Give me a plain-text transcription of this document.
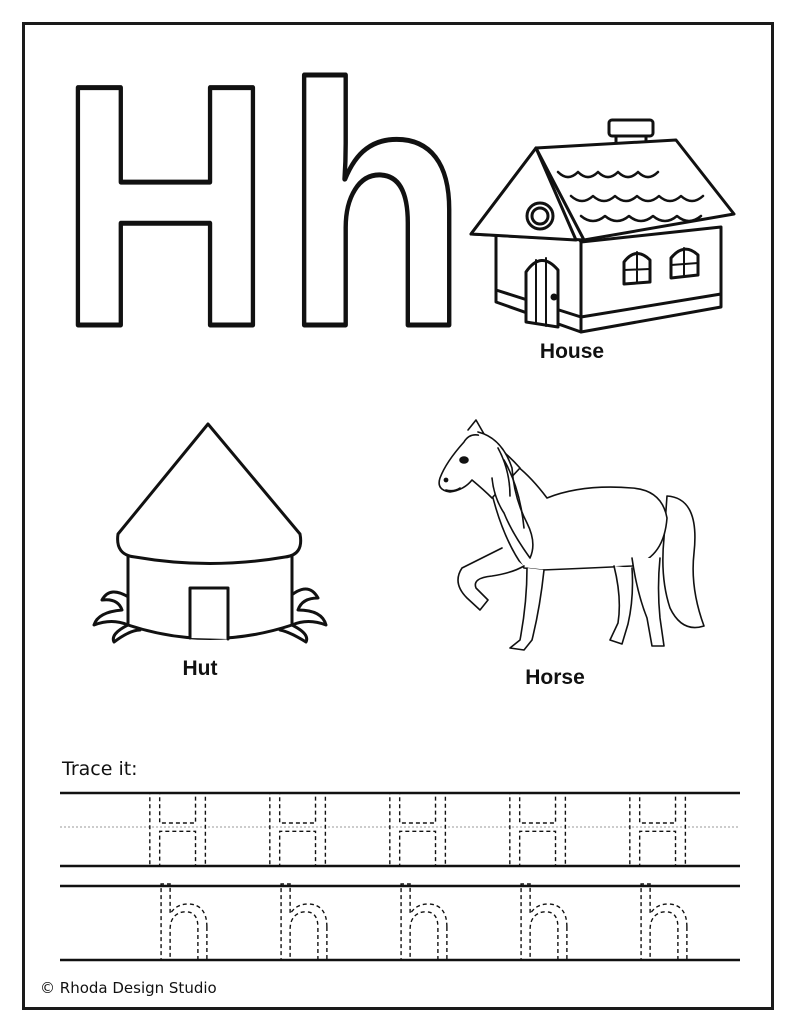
H h	House
Hut	Horse
Trace it:
H H H H H
h h h h h
© Rhoda Design Studio
